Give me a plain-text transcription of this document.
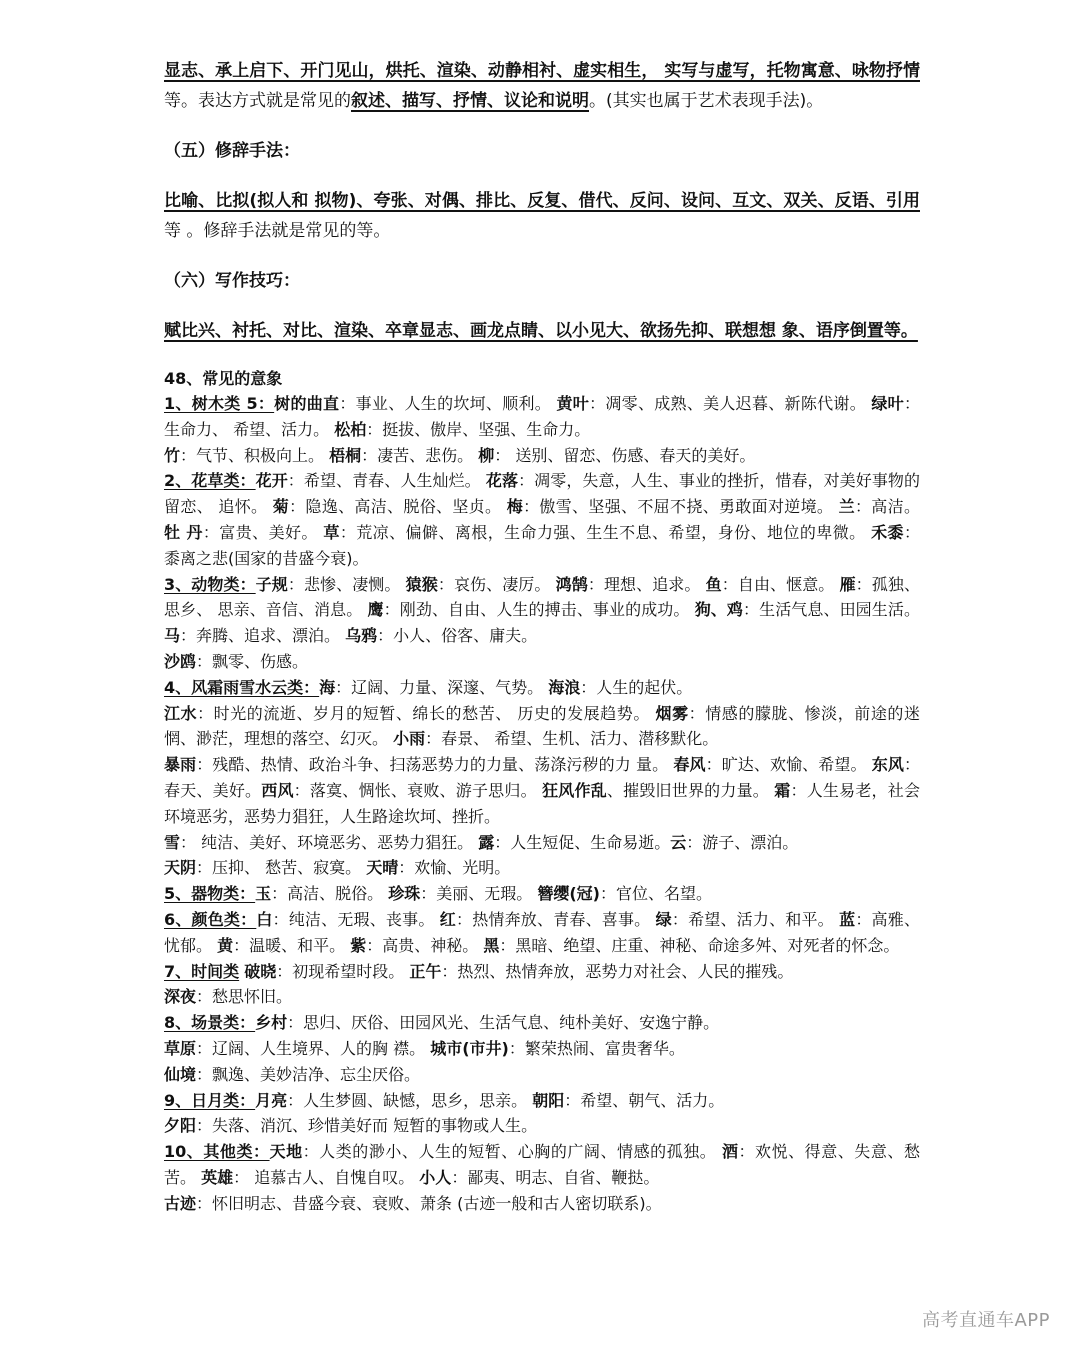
显志、承上启下、开门见山，烘托、渲染、动静相衬、虚实相生， 实写与虚写，托物寓意、咏物抒情等。表达方式就是常见的叙述、描写、抒情、议论和说明。(其实也属于艺术表现手法)。

（五）修辞手法：

比喻、比拟(拟人和 拟物)、夸张、对偶、排比、反复、借代、反问、设问、互文、双关、反语、引用等 。修辞手法就是常见的等。

（六）写作技巧：

赋比兴、衬托、对比、渲染、卒章显志、画龙点睛、以小见大、欲扬先抑、联想想 象、语序倒置等。

48、常见的意象

1、树木类 5：树的曲直：事业、人生的坎坷、顺利。 黄叶：凋零、成熟、美人迟暮、新陈代谢。 绿叶：生命力、 希望、活力。 松柏：挺拔、傲岸、坚强、生命力。

竹：气节、积极向上。 梧桐：凄苦、悲伤。 柳： 送别、留恋、伤感、春天的美好。

2、花草类：花开：希望、青春、人生灿烂。 花落：凋零，失意，人生、事业的挫折，惜春，对美好事物的留恋、 追怀。 菊：隐逸、高洁、脱俗、坚贞。 梅：傲雪、坚强、不屈不挠、勇敢面对逆境。 兰：高洁。 牡 丹：富贵、美好。 草：荒凉、偏僻、离根，生命力强、生生不息、希望，身份、地位的卑微。 禾黍： 黍离之悲(国家的昔盛今衰)。

3、动物类：子规：悲惨、凄恻。 猿猴：哀伤、凄厉。 鸿鹄：理想、追求。 鱼：自由、惬意。 雁：孤独、思乡、 思亲、音信、消息。 鹰：刚劲、自由、人生的搏击、事业的成功。 狗、鸡：生活气息、田园生活。 马：奔腾、追求、漂泊。 乌鸦：小人、俗客、庸夫。

沙鸥：飘零、伤感。

4、风霜雨雪水云类：海：辽阔、力量、深邃、气势。 海浪：人生的起伏。

江水：时光的流逝、岁月的短暂、绵长的愁苦、 历史的发展趋势。 烟雾：情感的朦胧、惨淡，前途的迷惘、渺茫，理想的落空、幻灭。 小雨：春景、 希望、生机、活力、潜移默化。

暴雨：残酷、热情、政治斗争、扫荡恶势力的力量、荡涤污秽的力 量。 春风：旷达、欢愉、希望。 东风：春天、美好。西风：落寞、惆怅、衰败、游子思归。 狂风作乱、摧毁旧世界的力量。 霜：人生易老，社会环境恶劣，恶势力猖狂，人生路途坎坷、挫折。

雪： 纯洁、美好、环境恶劣、恶势力猖狂。 露：人生短促、生命易逝。云：游子、漂泊。

天阴：压抑、 愁苦、寂寞。 天晴：欢愉、光明。

5、器物类：玉：高洁、脱俗。 珍珠：美丽、无瑕。 簪缨(冠)：官位、名望。

6、颜色类：白：纯洁、无瑕、丧事。 红：热情奔放、青春、喜事。 绿：希望、活力、和平。 蓝：高雅、忧郁。 黄：温暖、和平。 紫：高贵、神秘。 黑：黑暗、绝望、庄重、神秘、命途多舛、对死者的怀念。

7、时间类 破晓：初现希望时段。 正午：热烈、热情奔放，恶势力对社会、人民的摧残。

深夜：愁思怀旧。

8、场景类：乡村：思归、厌俗、田园风光、生活气息、纯朴美好、安逸宁静。

草原：辽阔、人生境界、人的胸 襟。 城市(市井)：繁荣热闹、富贵奢华。

仙境：飘逸、美妙洁净、忘尘厌俗。

9、日月类：月亮：人生梦圆、缺憾，思乡，思亲。 朝阳：希望、朝气、活力。

夕阳：失落、消沉、珍惜美好而 短暂的事物或人生。

10、其他类：天地：人类的渺小、人生的短暂、心胸的广阔、情感的孤独。 酒：欢悦、得意、失意、愁苦。 英雄： 追慕古人、自愧自叹。 小人：鄙夷、明志、自省、鞭挞。

古迹：怀旧明志、昔盛今衰、衰败、萧条 (古迹一般和古人密切联系)。

高考直通车APP
